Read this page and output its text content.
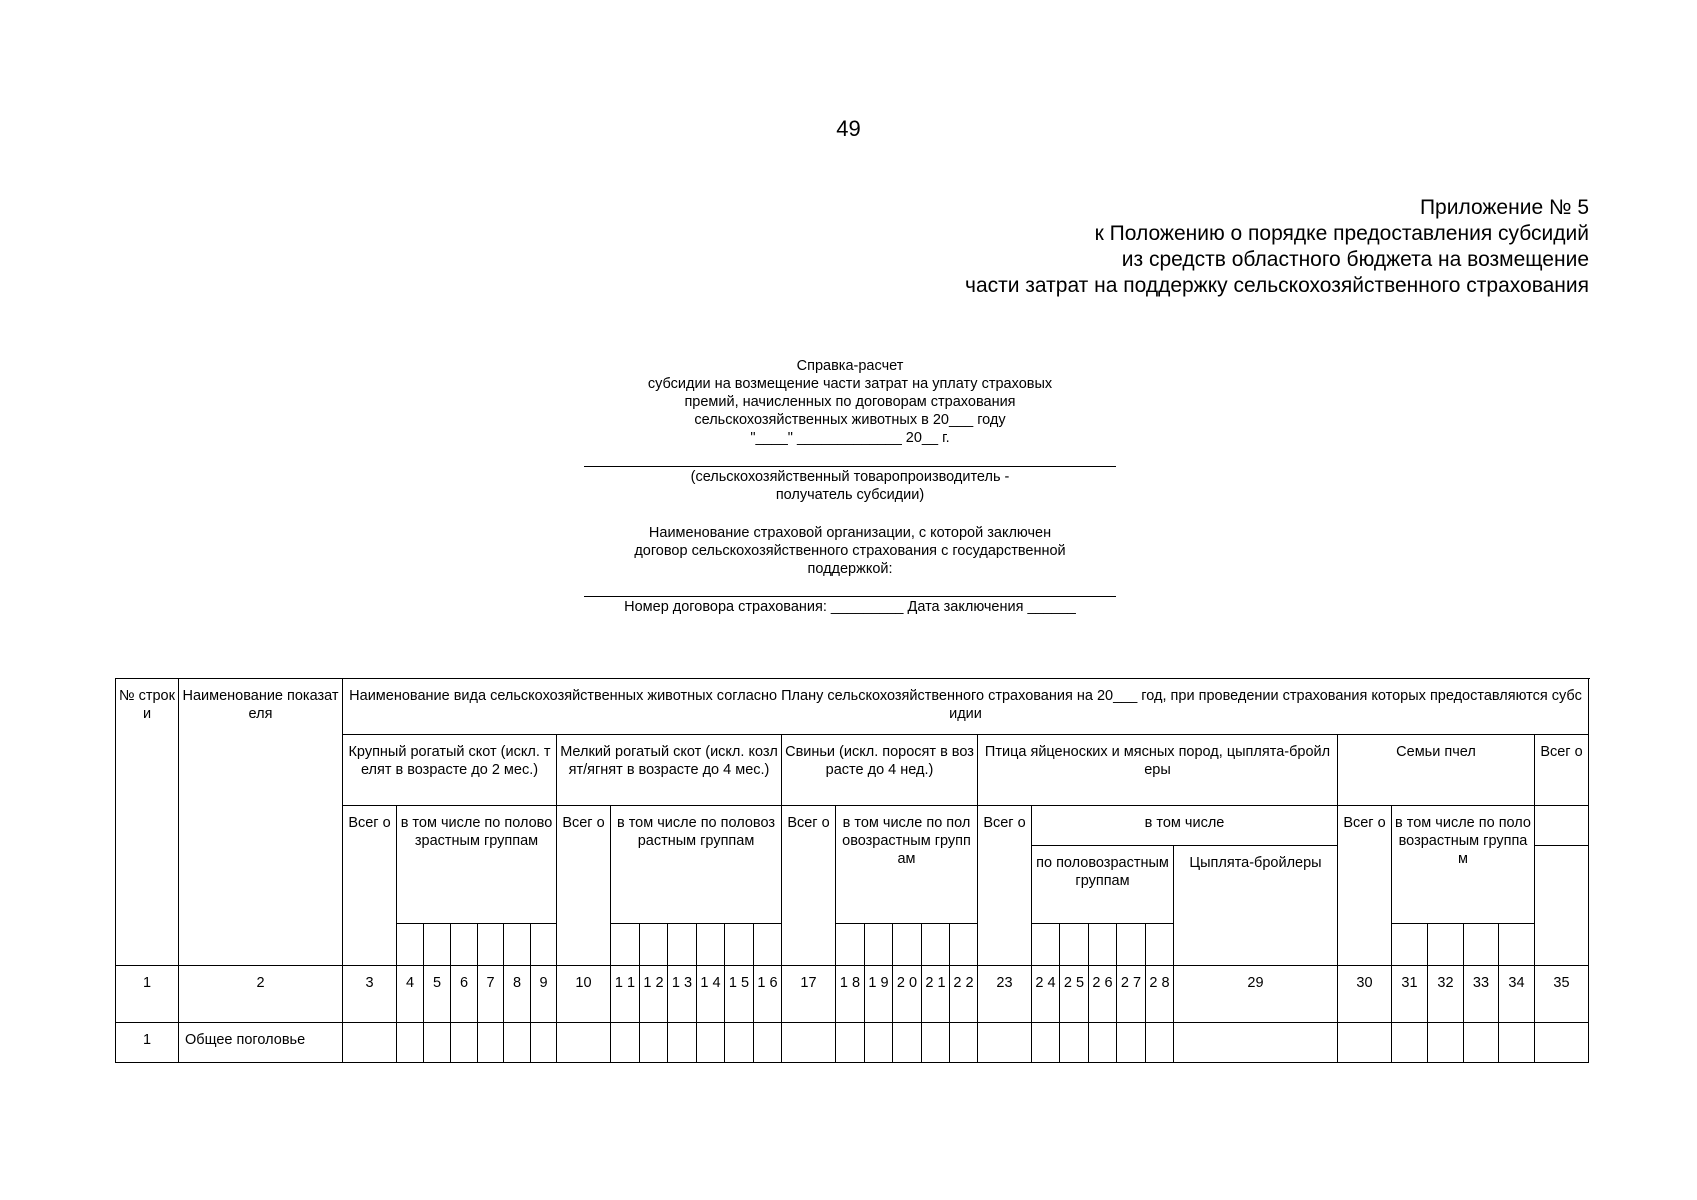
49
Приложение № 5
к Положению о порядке предоставления субсидий
из средств областного бюджета на возмещение
части затрат на поддержку сельскохозяйственного страхования
Справка-расчет
субсидии на возмещение части затрат на уплату страховых
премий, начисленных по договорам страхования
сельскохозяйственных животных в 20___ году
"____" _____________ 20__ г.
(сельскохозяйственный товаропроизводитель -
получатель субсидии)
Наименование страховой организации, с которой заключен
договор сельскохозяйственного страхования с государственной
поддержкой:
Номер договора страхования: _________ Дата заключения ______
№ строки	Наименование показателя	Наименование вида сельскохозяйственных животных согласно Плану сельскохозяйственного страхования на 20___ год, при проведении страхования которых предоставляются субсидии																																
		Крупный рогатый скот (искл. телят в возрасте до 2 мес.)							Мелкий рогатый скот (искл. козлят/ягнят в возрасте до 4 мес.)							Свиньи (искл. поросят в возрасте до 4 нед.)						Птица яйценоских и мясных пород, цыплята-бройлеры							Семьи пчел					Всег о
		Всег о	в том числе по половозрастным группам						Всег о	в том числе по половозрастным группам						Всег о	в том числе по половозрастным группам					Всег о	в том числе						Всег о	в том числе по половозрастным группам				
																							по половозрастным группам					Цыплята-бройлеры						

1	2	3	4	5	6	7	8	9	10	1 1	1 2	1 3	1 4	1 5	1 6	17	1 8	1 9	2 0	2 1	2 2	23	2 4	2 5	2 6	2 7	2 8	29	30	31	32	33	34	35
1	Общее поголовье																																	
